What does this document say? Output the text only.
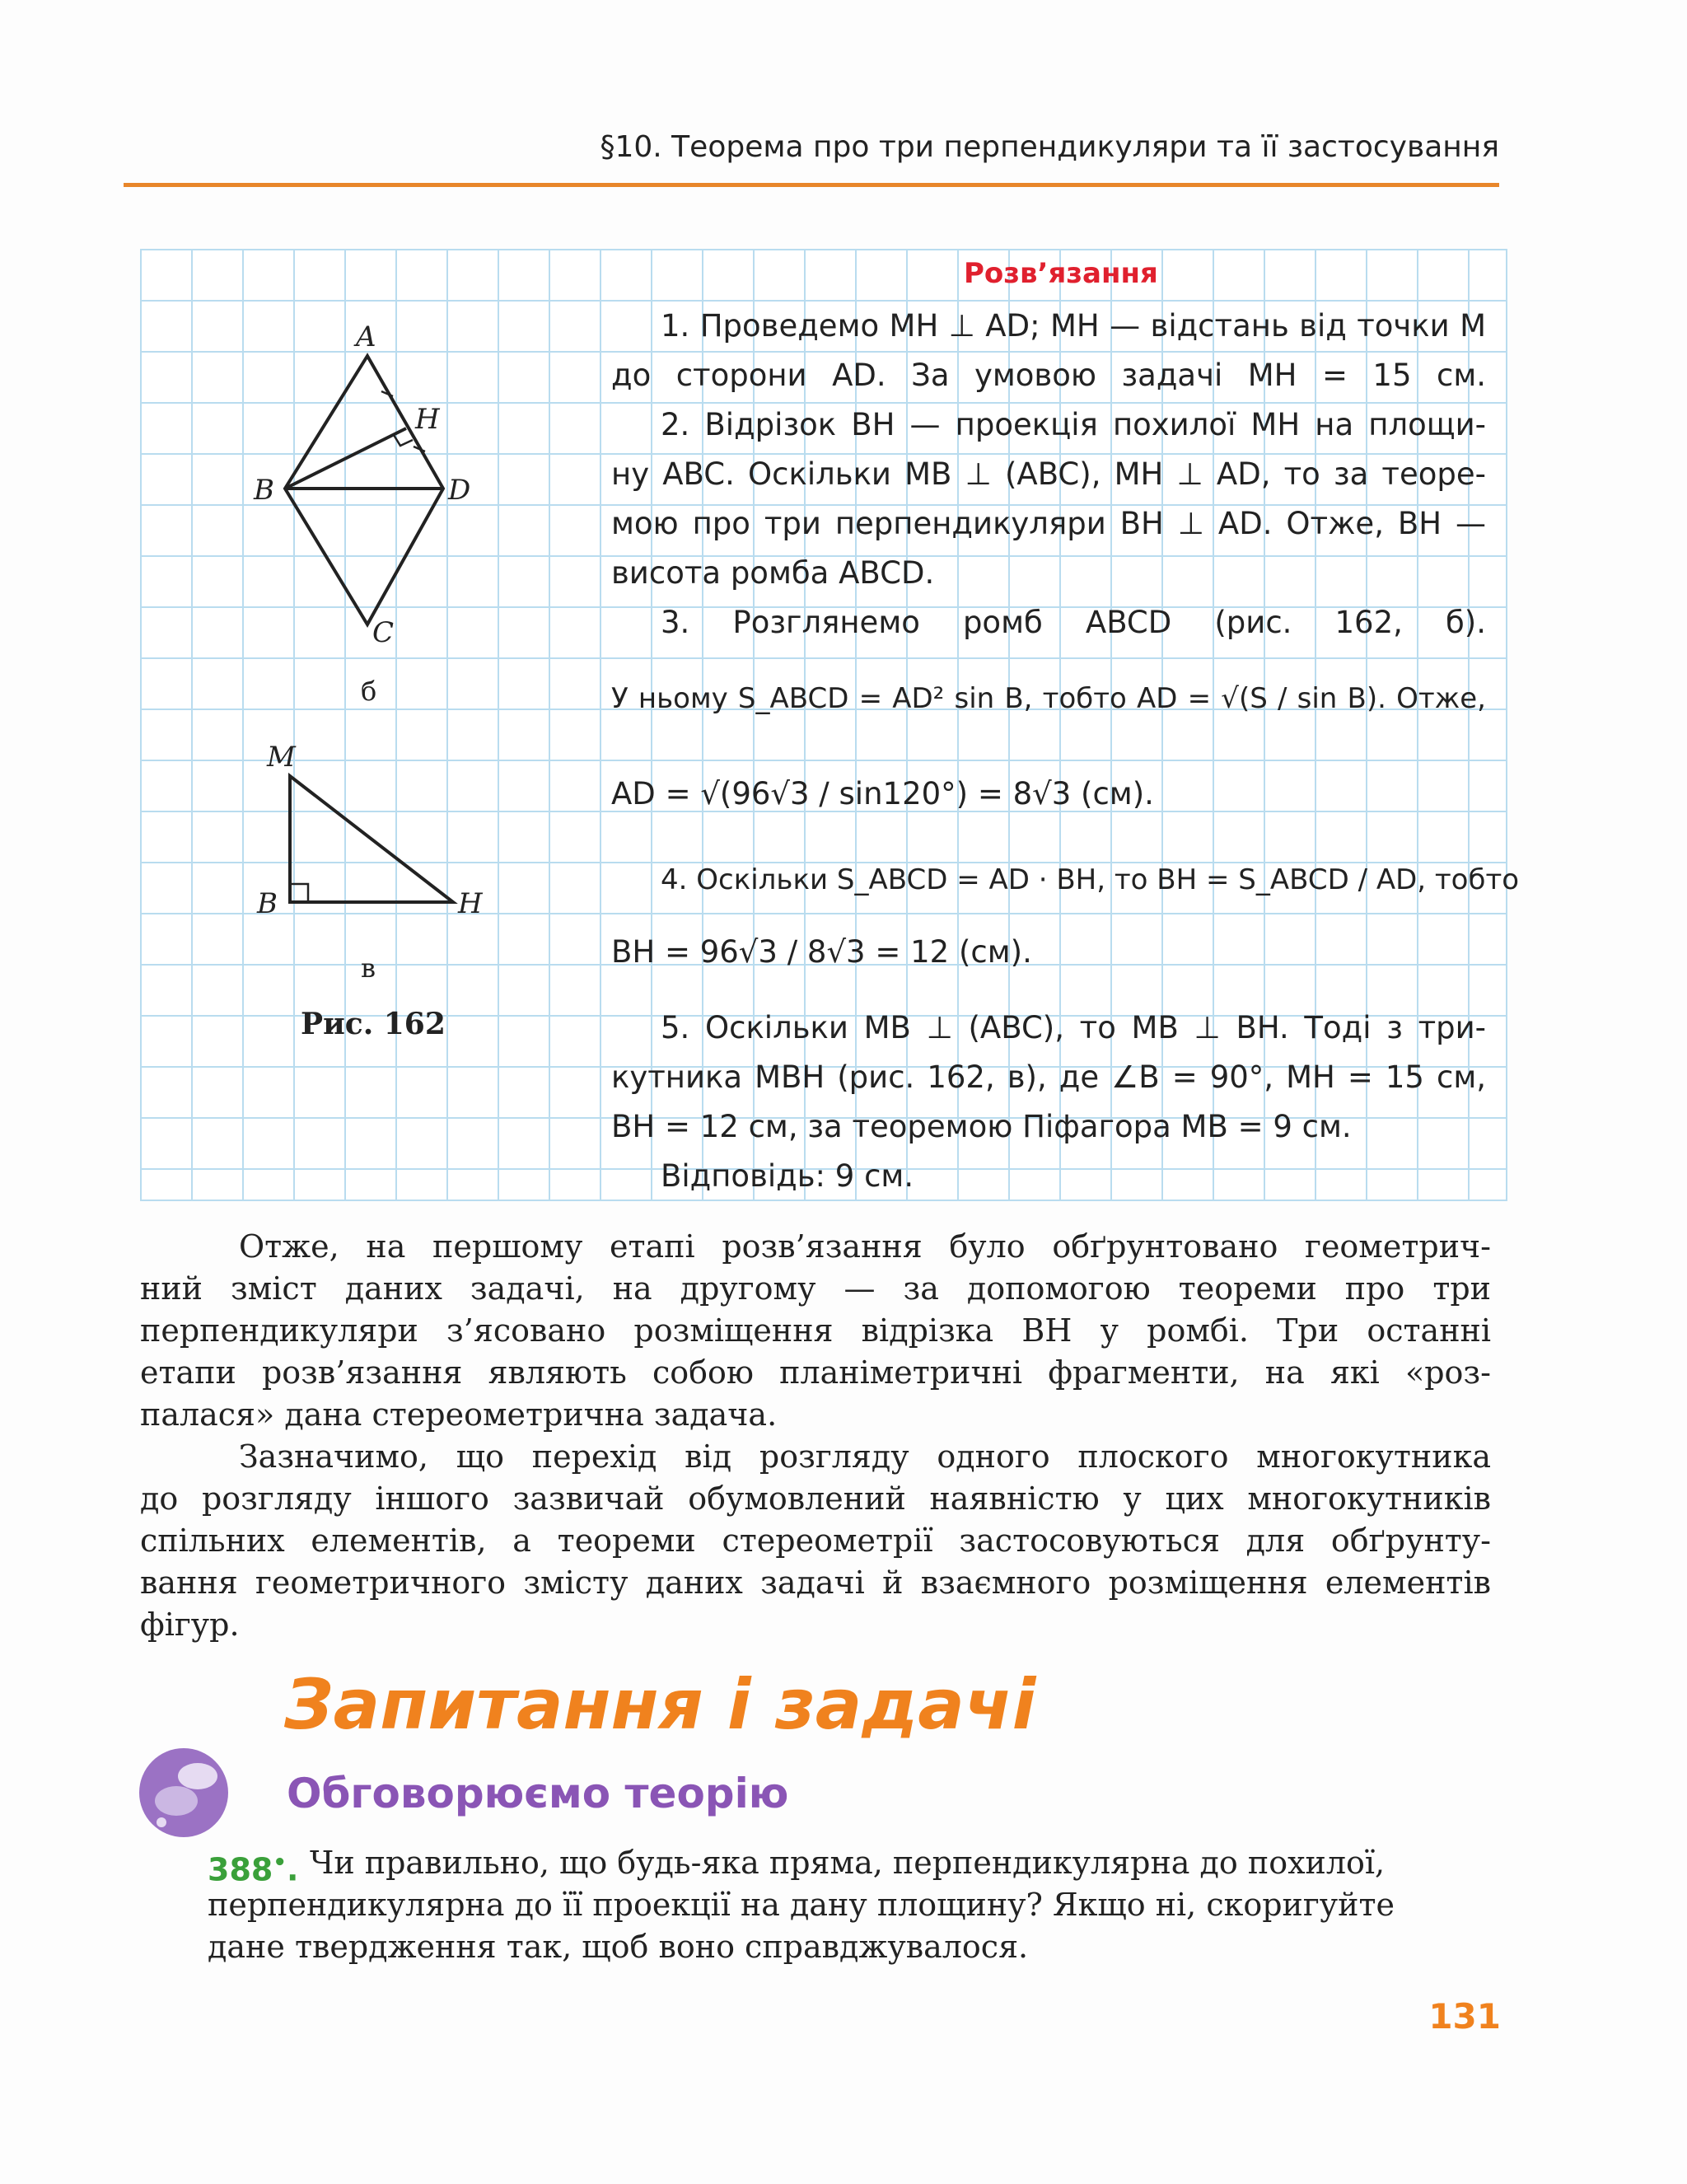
§10. Теорема про три перпендикуляри та її застосування
A
H
B	D
C
б
M
B	H
в
Рис. 162
Розв’язання
1. Проведемо MH ⊥ AD; MH — відстань від точки M
до сторони AD. За умовою задачі MH = 15 см.
2. Відрізок BH — проекція похилої MH на площи-
ну ABC. Оскільки MB ⊥ (ABC), MH ⊥ AD, то за теоре-
мою про три перпендикуляри BH ⊥ AD. Отже, BH —
висота ромба ABCD.
3. Розглянемо ромб ABCD (рис. 162, б).
У ньому S_ABCD = AD² sin B, тобто AD = √(S / sin B). Отже,
AD = √(96√3 / sin120°) = 8√3 (см).
4. Оскільки S_ABCD = AD · BH, то BH = S_ABCD / AD, тобто
BH = 96√3 / 8√3 = 12 (см).
5. Оскільки MB ⊥ (ABC), то MB ⊥ BH. Тоді з три-
кутника MBH (рис. 162, в), де ∠B = 90°, MH = 15 см,
BH = 12 см, за теоремою Піфагора MB = 9 см.
Відповідь: 9 см.
Отже, на першому етапі розв’язання було обґрунтовано геометрич-
ний зміст даних задачі, на другому — за допомогою теореми про три
перпендикуляри з’ясовано розміщення відрізка BH у ромбі. Три останні
етапи розв’язання являють собою планіметричні фрагменти, на які «роз-
палася» дана стереометрична задача.
Зазначимо, що перехід від розгляду одного плоского многокутника
до розгляду іншого зазвичай обумовлений наявністю у цих многокутників
спільних елементів, а теореми стереометрії застосовуються для обґрунту-
вання геометричного змісту даних задачі й взаємного розміщення елементів
фігур.
Запитання і задачі
Обговорюємо теорію
Чи правильно, що будь-яка пряма, перпендикулярна до похилої,
388•.
перпендикулярна до її проекції на дану площину? Якщо ні, скоригуйте
дане твердження так, щоб воно справджувалося.
131
